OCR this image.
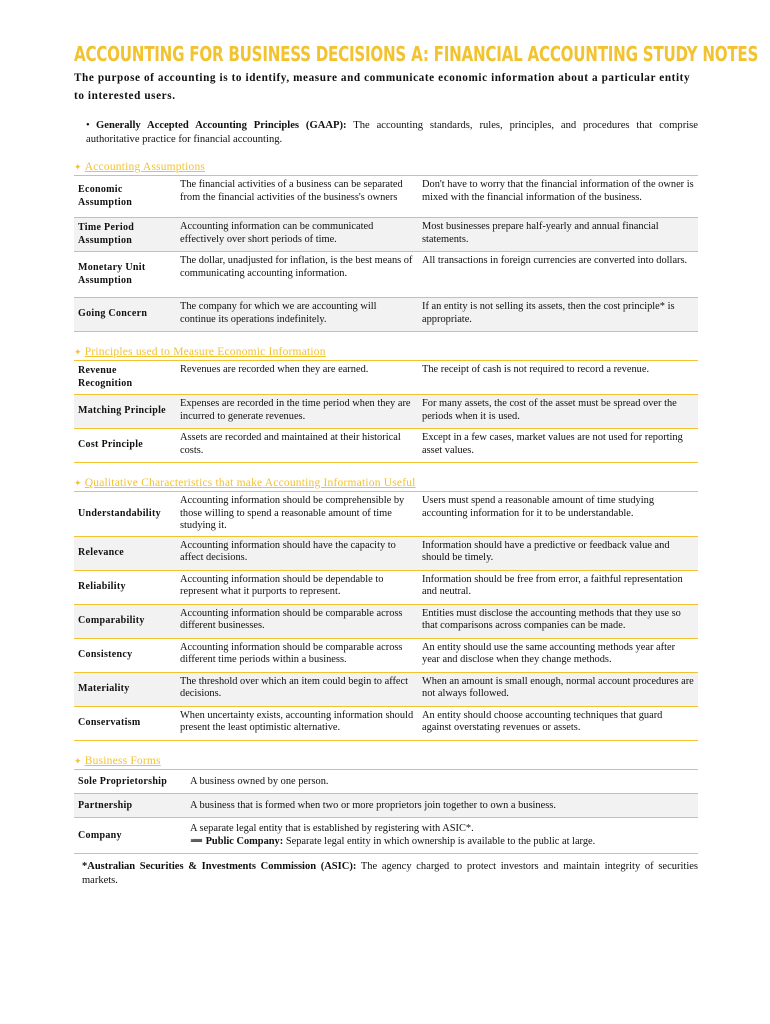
ACCOUNTING FOR BUSINESS DECISIONS A: FINANCIAL ACCOUNTING STUDY NOTES
The purpose of accounting is to identify, measure and communicate economic information about a particular entity to interested users.
• Generally Accepted Accounting Principles (GAAP): The accounting standards, rules, principles, and procedures that comprise authoritative practice for financial accounting.
✦ Accounting Assumptions
Economic Assumption	The financial activities of a business can be separated from the financial activities of the business's owners	Don't have to worry that the financial information of the owner is mixed with the financial information of the business.
Time Period Assumption	Accounting information can be communicated effectively over short periods of time.	Most businesses prepare half-yearly and annual financial statements.
Monetary Unit Assumption	The dollar, unadjusted for inflation, is the best means of communicating accounting information.	All transactions in foreign currencies are converted into dollars.
Going Concern	The company for which we are accounting will continue its operations indefinitely.	If an entity is not selling its assets, then the cost principle* is appropriate.
✦ Principles used to Measure Economic Information
Revenue Recognition	Revenues are recorded when they are earned.	The receipt of cash is not required to record a revenue.
Matching Principle	Expenses are recorded in the time period when they are incurred to generate revenues.	For many assets, the cost of the asset must be spread over the periods when it is used.
Cost Principle	Assets are recorded and maintained at their historical costs.	Except in a few cases, market values are not used for reporting asset values.
✦ Qualitative Characteristics that make Accounting Information Useful
Understandability	Accounting information should be comprehensible by those willing to spend a reasonable amount of time studying it.	Users must spend a reasonable amount of time studying accounting information for it to be understandable.
Relevance	Accounting information should have the capacity to affect decisions.	Information should have a predictive or feedback value and should be timely.
Reliability	Accounting information should be dependable to represent what it purports to represent.	Information should be free from error, a faithful representation and neutral.
Comparability	Accounting information should be comparable across different businesses.	Entities must disclose the accounting methods that they use so that comparisons across companies can be made.
Consistency	Accounting information should be comparable across different time periods within a business.	An entity should use the same accounting methods year after year and disclose when they change methods.
Materiality	The threshold over which an item could begin to affect decisions.	When an amount is small enough, normal account procedures are not always followed.
Conservatism	When uncertainty exists, accounting information should present the least optimistic alternative.	An entity should choose accounting techniques that guard against overstating revenues or assets.
✦ Business Forms
Sole Proprietorship	A business owned by one person.
Partnership	A business that is formed when two or more proprietors join together to own a business.
Company	A separate legal entity that is established by registering with ASIC*.
➖ Public Company: Separate legal entity in which ownership is available to the public at large.
*Australian Securities & Investments Commission (ASIC): The agency charged to protect investors and maintain integrity of securities markets.
